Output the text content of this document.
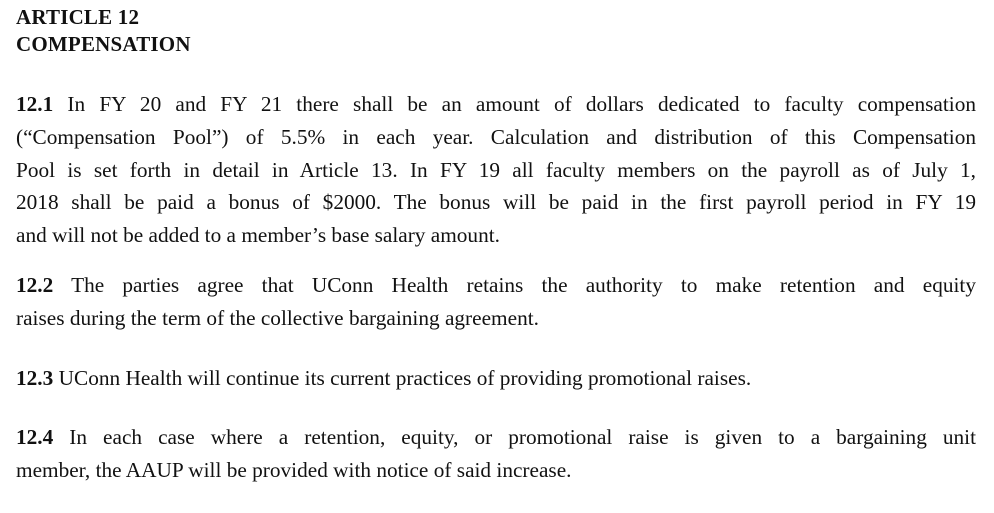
ARTICLE 12
COMPENSATION

12.1 In FY 20 and FY 21 there shall be an amount of dollars dedicated to faculty compensation
(“Compensation Pool”) of 5.5% in each year. Calculation and distribution of this Compensation
Pool is set forth in detail in Article 13. In FY 19 all faculty members on the payroll as of July 1,
2018 shall be paid a bonus of $2000. The bonus will be paid in the first payroll period in FY 19
and will not be added to a member’s base salary amount.

12.2 The parties agree that UConn Health retains the authority to make retention and equity
raises during the term of the collective bargaining agreement.

12.3 UConn Health will continue its current practices of providing promotional raises.

12.4 In each case where a retention, equity, or promotional raise is given to a bargaining unit
member, the AAUP will be provided with notice of said increase.
